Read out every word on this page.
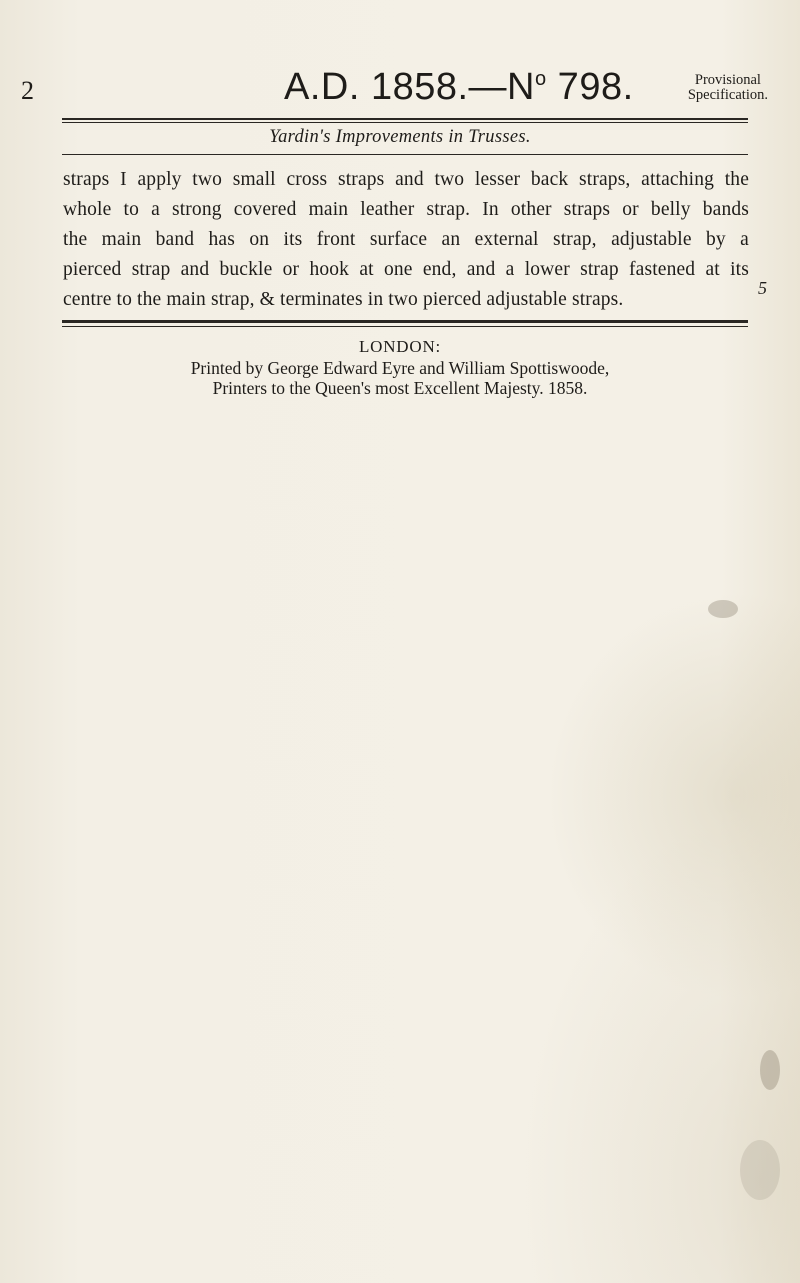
2	A.D. $1858.—N^o$ 798.	Provisional
Specification.
Yardin's Improvements in Trusses.
straps I apply two small cross straps and two lesser back straps, attaching the
whole to a strong covered main leather strap. In other straps or belly bands
the main band has on its front surface an external strap, adjustable by a
pierced strap and buckle or hook at one end, and a lower strap fastened at its
centre to the main strap, & terminates in two pierced adjustable straps.
5
LONDON:
Printed by George Edward Eyre and William Spottiswoode,
Printers to the Queen's most Excellent Majesty. 1858.
